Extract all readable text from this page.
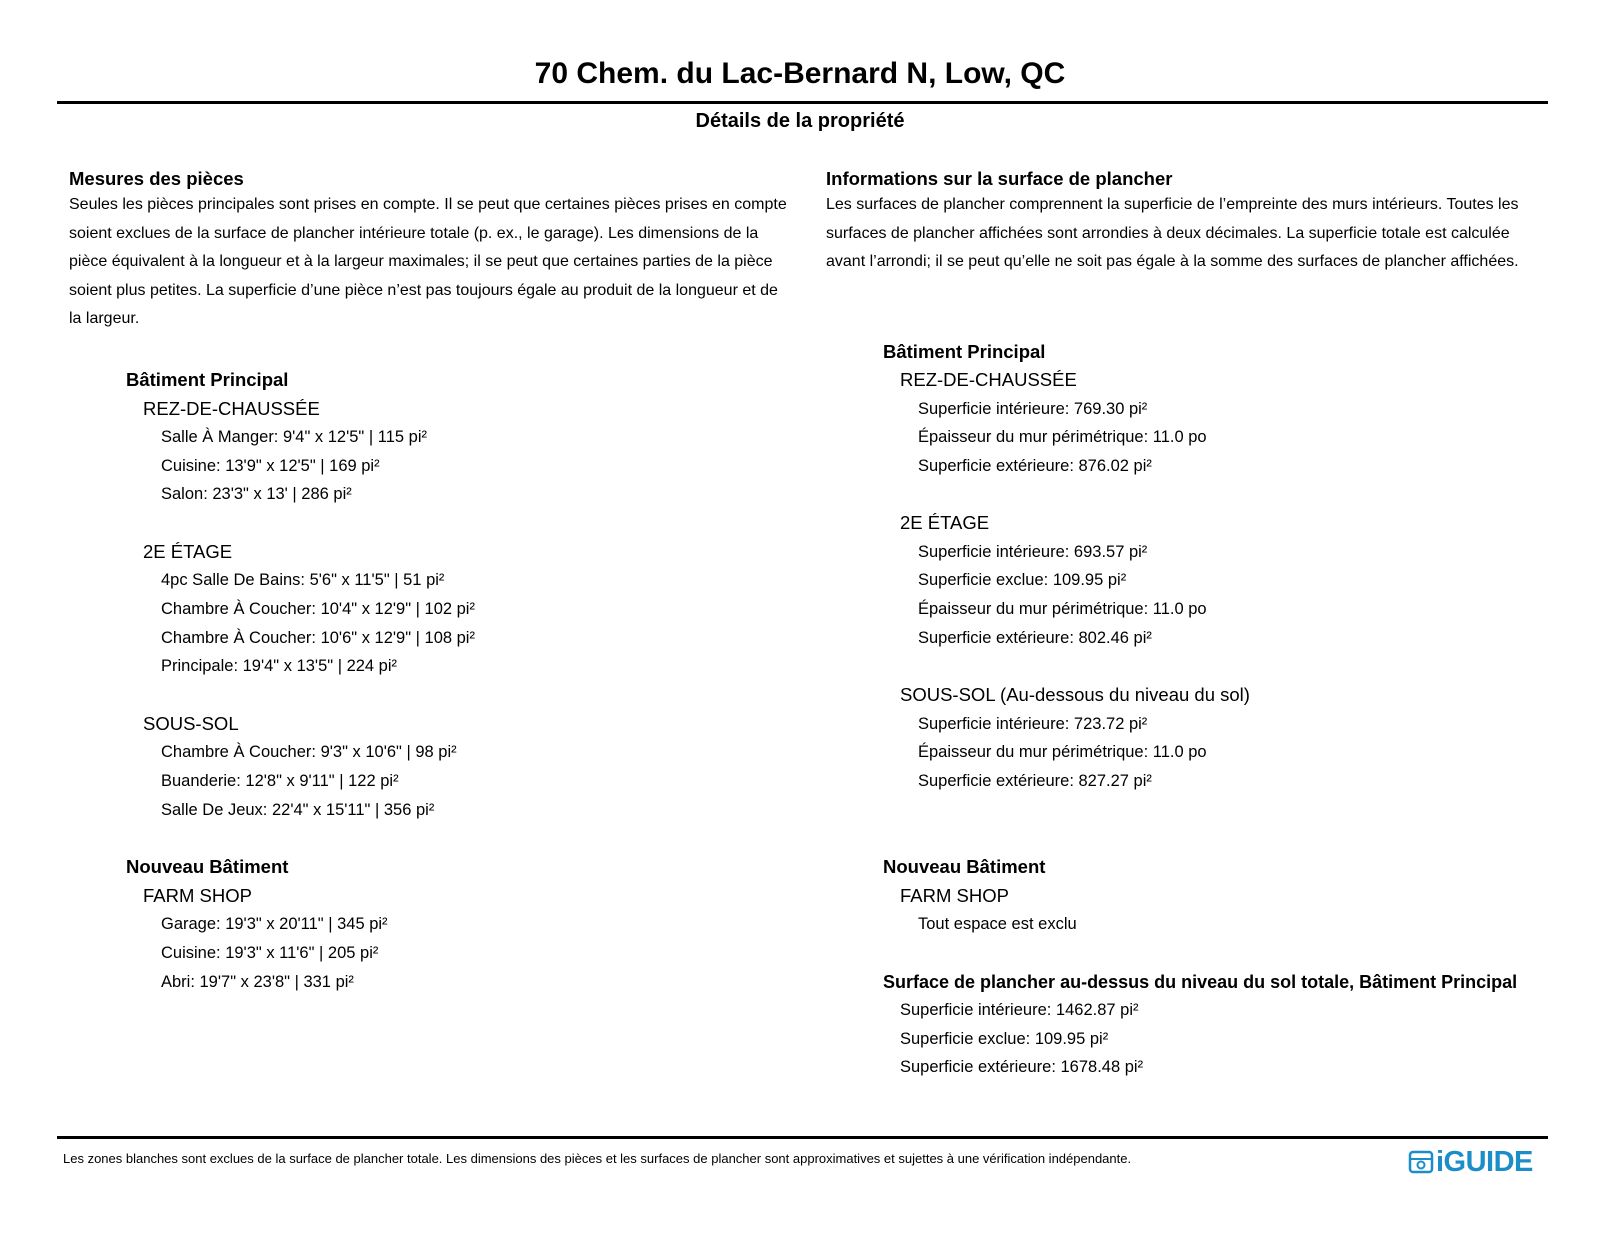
70 Chem. du Lac-Bernard N, Low, QC
Détails de la propriété
Mesures des pièces
Seules les pièces principales sont prises en compte. Il se peut que certaines pièces prises en compte soient exclues de la surface de plancher intérieure totale (p. ex., le garage). Les dimensions de la pièce équivalent à la longueur et à la largeur maximales; il se peut que certaines parties de la pièce soient plus petites. La superficie d’une pièce n’est pas toujours égale au produit de la longueur et de la largeur.
Bâtiment Principal
REZ-DE-CHAUSSÉE
Salle À Manger: 9'4" x 12'5" | 115 pi²
Cuisine: 13'9" x 12'5" | 169 pi²
Salon: 23'3" x 13' | 286 pi²
2E ÉTAGE
4pc Salle De Bains: 5'6" x 11'5" | 51 pi²
Chambre À Coucher: 10'4" x 12'9" | 102 pi²
Chambre À Coucher: 10'6" x 12'9" | 108 pi²
Principale: 19'4" x 13'5" | 224 pi²
SOUS-SOL
Chambre À Coucher: 9'3" x 10'6" | 98 pi²
Buanderie: 12'8" x 9'11" | 122 pi²
Salle De Jeux: 22'4" x 15'11" | 356 pi²
Nouveau Bâtiment
FARM SHOP
Garage: 19'3" x 20'11" | 345 pi²
Cuisine: 19'3" x 11'6" | 205 pi²
Abri: 19'7" x 23'8" | 331 pi²
Informations sur la surface de plancher
Les surfaces de plancher comprennent la superficie de l’empreinte des murs intérieurs. Toutes les surfaces de plancher affichées sont arrondies à deux décimales. La superficie totale est calculée avant l’arrondi; il se peut qu’elle ne soit pas égale à la somme des surfaces de plancher affichées.
Bâtiment Principal
REZ-DE-CHAUSSÉE
Superficie intérieure: 769.30 pi²
Épaisseur du mur périmétrique: 11.0 po
Superficie extérieure: 876.02 pi²
2E ÉTAGE
Superficie intérieure: 693.57 pi²
Superficie exclue: 109.95 pi²
Épaisseur du mur périmétrique: 11.0 po
Superficie extérieure: 802.46 pi²
SOUS-SOL (Au-dessous du niveau du sol)
Superficie intérieure: 723.72 pi²
Épaisseur du mur périmétrique: 11.0 po
Superficie extérieure: 827.27 pi²
Nouveau Bâtiment
FARM SHOP
Tout espace est exclu
Surface de plancher au-dessus du niveau du sol totale, Bâtiment Principal
Superficie intérieure: 1462.87 pi²
Superficie exclue: 109.95 pi²
Superficie extérieure: 1678.48 pi²
Les zones blanches sont exclues de la surface de plancher totale. Les dimensions des pièces et les surfaces de plancher sont approximatives et sujettes à une vérification indépendante.	iGUIDE
